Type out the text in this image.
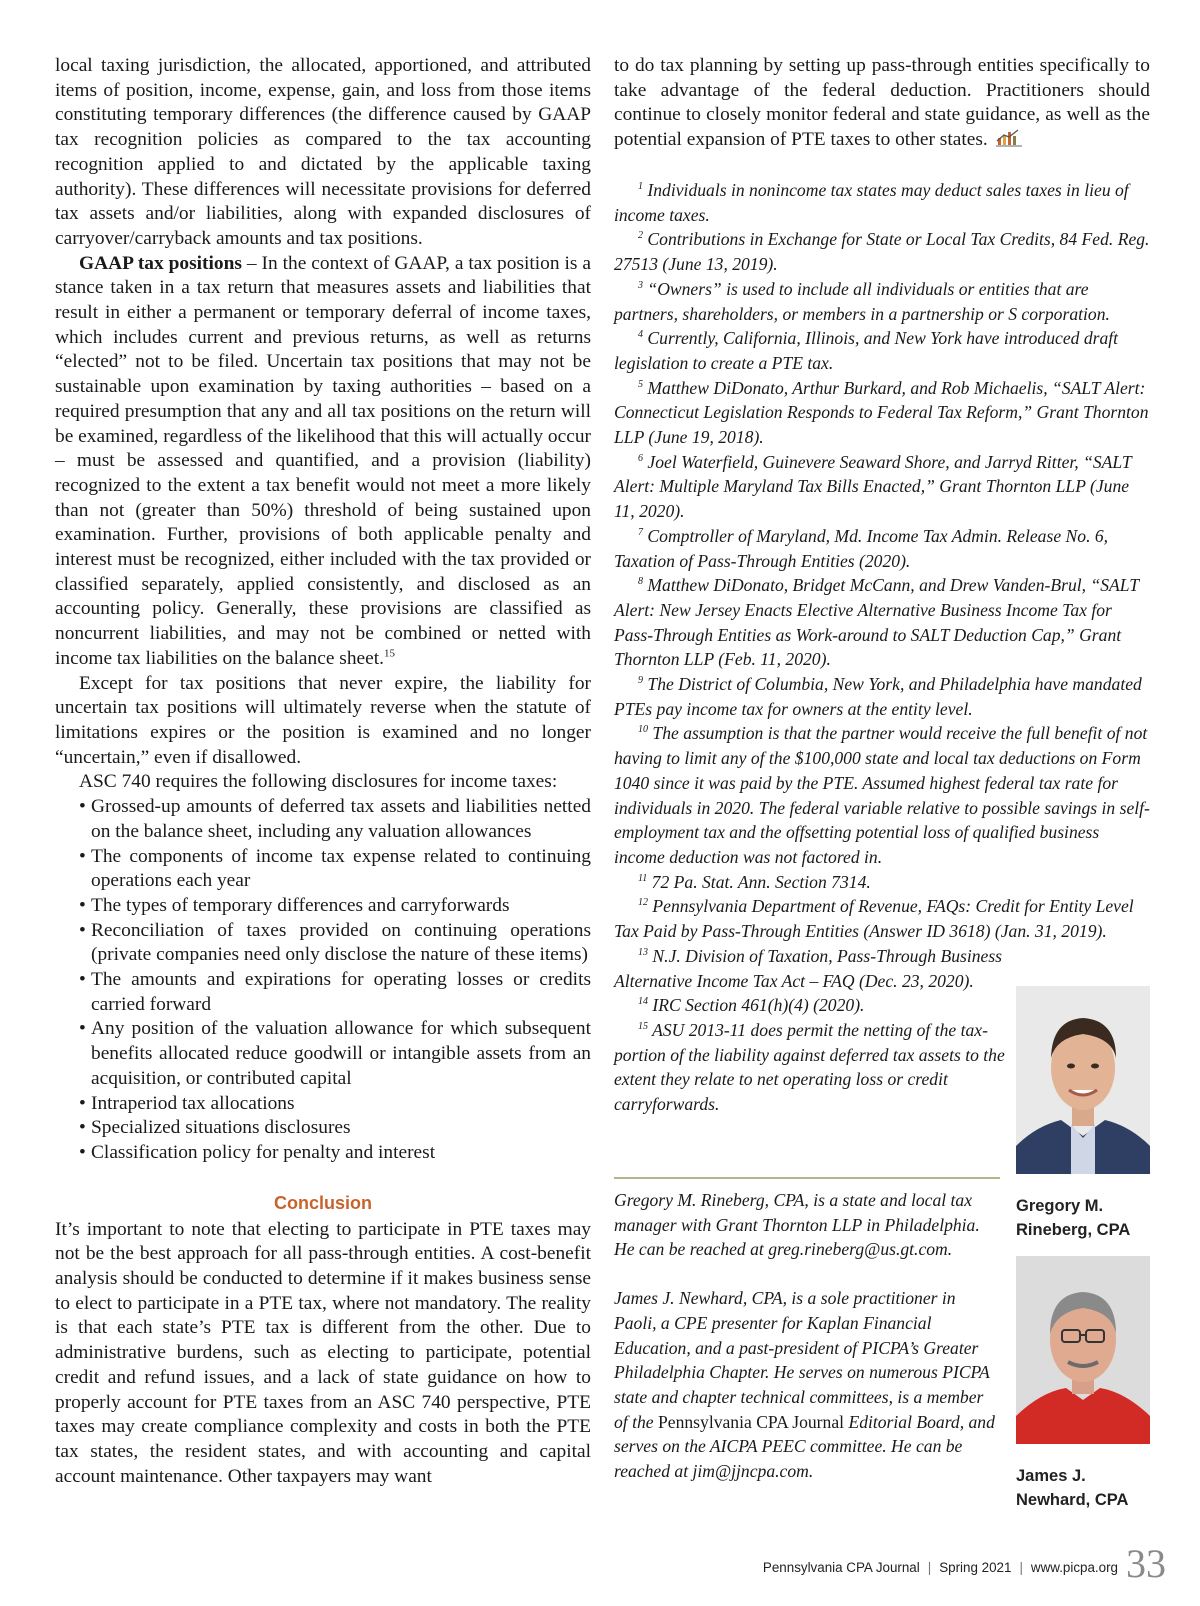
local taxing jurisdiction, the allocated, apportioned, and attributed items of position, income, expense, gain, and loss from those items constituting temporary differences (the difference caused by GAAP tax recognition policies as compared to the tax accounting recognition applied to and dictated by the applicable taxing authority). These differences will necessitate provisions for deferred tax assets and/or liabilities, along with expanded disclosures of carryover/carryback amounts and tax positions.

GAAP tax positions – In the context of GAAP, a tax position is a stance taken in a tax return that measures assets and liabilities that result in either a permanent or temporary deferral of income taxes, which includes current and previous returns, as well as returns “elected” not to be filed. Uncertain tax positions that may not be sustainable upon examination by taxing authorities – based on a required presumption that any and all tax positions on the return will be examined, regardless of the likelihood that this will actually occur – must be assessed and quantified, and a provision (liability) recognized to the extent a tax benefit would not meet a more likely than not (greater than 50%) threshold of being sustained upon examination. Further, provisions of both applicable penalty and interest must be recognized, either included with the tax provided or classified separately, applied consistently, and disclosed as an accounting policy. Generally, these provisions are classified as noncurrent liabilities, and may not be combined or netted with income tax liabilities on the balance sheet.$^{15}$

Except for tax positions that never expire, the liability for uncertain tax positions will ultimately reverse when the statute of limitations expires or the position is examined and no longer “uncertain,” even if disallowed.

ASC 740 requires the following disclosures for income taxes:

• Grossed-up amounts of deferred tax assets and liabilities netted on the balance sheet, including any valuation allowances
• The components of income tax expense related to continuing operations each year
• The types of temporary differences and carryforwards
• Reconciliation of taxes provided on continuing operations (private companies need only disclose the nature of these items)
• The amounts and expirations for operating losses or credits carried forward
• Any position of the valuation allowance for which subsequent benefits allocated reduce goodwill or intangible assets from an acquisition, or contributed capital
• Intraperiod tax allocations
• Specialized situations disclosures
• Classification policy for penalty and interest
Conclusion

It’s important to note that electing to participate in PTE taxes may not be the best approach for all pass-through entities. A cost-benefit analysis should be conducted to determine if it makes business sense to elect to participate in a PTE tax, where not mandatory. The reality is that each state’s PTE tax is different from the other. Due to administrative burdens, such as electing to participate, potential credit and refund issues, and a lack of state guidance on how to properly account for PTE taxes from an ASC 740 perspective, PTE taxes may create compliance complexity and costs in both the PTE tax states, the resident states, and with accounting and capital account maintenance. Other taxpayers may want

to do tax planning by setting up pass-through entities specifically to take advantage of the federal deduction. Practitioners should continue to closely monitor federal and state guidance, as well as the potential expansion of PTE taxes to other states.

$^1$ Individuals in nonincome tax states may deduct sales taxes in lieu of income taxes.

$^2$ Contributions in Exchange for State or Local Tax Credits, 84 Fed. Reg. 27513 (June 13, 2019).

$^3$ “Owners” is used to include all individuals or entities that are partners, shareholders, or members in a partnership or S corporation.

$^4$ Currently, California, Illinois, and New York have introduced draft legislation to create a PTE tax.

$^5$ Matthew DiDonato, Arthur Burkard, and Rob Michaelis, “SALT Alert: Connecticut Legislation Responds to Federal Tax Reform,” Grant Thornton LLP (June 19, 2018).

$^6$ Joel Waterfield, Guinevere Seaward Shore, and Jarryd Ritter, “SALT Alert: Multiple Maryland Tax Bills Enacted,” Grant Thornton LLP (June 11, 2020).

$^7$ Comptroller of Maryland, Md. Income Tax Admin. Release No. 6, Taxation of Pass-Through Entities (2020).

$^8$ Matthew DiDonato, Bridget McCann, and Drew Vanden-Brul, “SALT Alert: New Jersey Enacts Elective Alternative Business Income Tax for Pass-Through Entities as Work-around to SALT Deduction Cap,” Grant Thornton LLP (Feb. 11, 2020).

$^9$ The District of Columbia, New York, and Philadelphia have mandated PTEs pay income tax for owners at the entity level.

$^{10}$ The assumption is that the partner would receive the full benefit of not having to limit any of the $100,000 state and local tax deductions on Form 1040 since it was paid by the PTE. Assumed highest federal tax rate for individuals in 2020. The federal variable relative to possible savings in self-employment tax and the offsetting potential loss of qualified business income deduction was not factored in.

$^{11}$ 72 Pa. Stat. Ann. Section 7314.

$^{12}$ Pennsylvania Department of Revenue, FAQs: Credit for Entity Level Tax Paid by Pass-Through Entities (Answer ID 3618) (Jan. 31, 2019).

$^{13}$ N.J. Division of Taxation, Pass-Through Business Alternative Income Tax Act – FAQ (Dec. 23, 2020).

$^{14}$ IRC Section 461(h)(4) (2020).

$^{15}$ ASU 2013-11 does permit the netting of the tax-portion of the liability against deferred tax assets to the extent they relate to net operating loss or credit carryforwards.

Gregory M. Rineberg, CPA, is a state and local tax manager with Grant Thornton LLP in Philadelphia. He can be reached at greg.rineberg@us.gt.com.

James J. Newhard, CPA, is a sole practitioner in Paoli, a CPE presenter for Kaplan Financial Education, and a past-president of PICPA’s Greater Philadelphia Chapter. He serves on numerous PICPA state and chapter technical committees, is a member of the Pennsylvania CPA Journal Editorial Board, and serves on the AICPA PEEC committee. He can be reached at jim@jjncpa.com.

Gregory M.
Rineberg, CPA
James J.
Newhard, CPA
Pennsylvania CPA Journal | Spring 2021 | www.picpa.org 33
